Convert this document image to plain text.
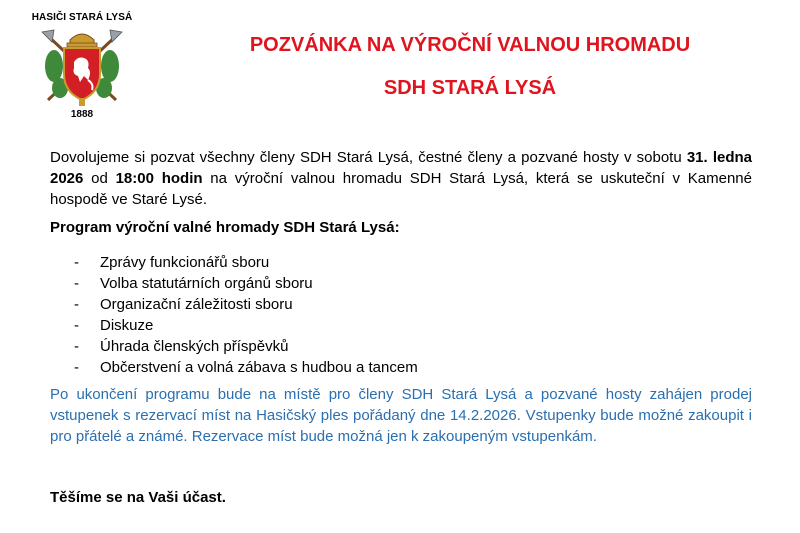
HASIČI STARÁ LYSÁ
1888
POZVÁNKA NA VÝROČNÍ VALNOU HROMADU
SDH STARÁ LYSÁ

Dovolujeme si pozvat všechny členy SDH Stará Lysá, čestné členy a pozvané hosty v sobotu 31. ledna 2026 od 18:00 hodin na výroční valnou hromadu SDH Stará Lysá, která se uskuteční v Kamenné hospodě ve Staré Lysé.

Program výroční valné hromady SDH Stará Lysá:

- Zprávy funkcionářů sboru
- Volba statutárních orgánů sboru
- Organizační záležitosti sboru
- Diskuze
- Úhrada členských příspěvků
- Občerstvení a volná zábava s hudbou a tancem

Po ukončení programu bude na místě pro členy SDH Stará Lysá a pozvané hosty zahájen prodej vstupenek s rezervací míst na Hasičský ples pořádaný dne 14.2.2026. Vstupenky bude možné zakoupit i pro přátelé a známé. Rezervace míst bude možná jen k zakoupeným vstupenkám.

Těšíme se na Vaši účast.
